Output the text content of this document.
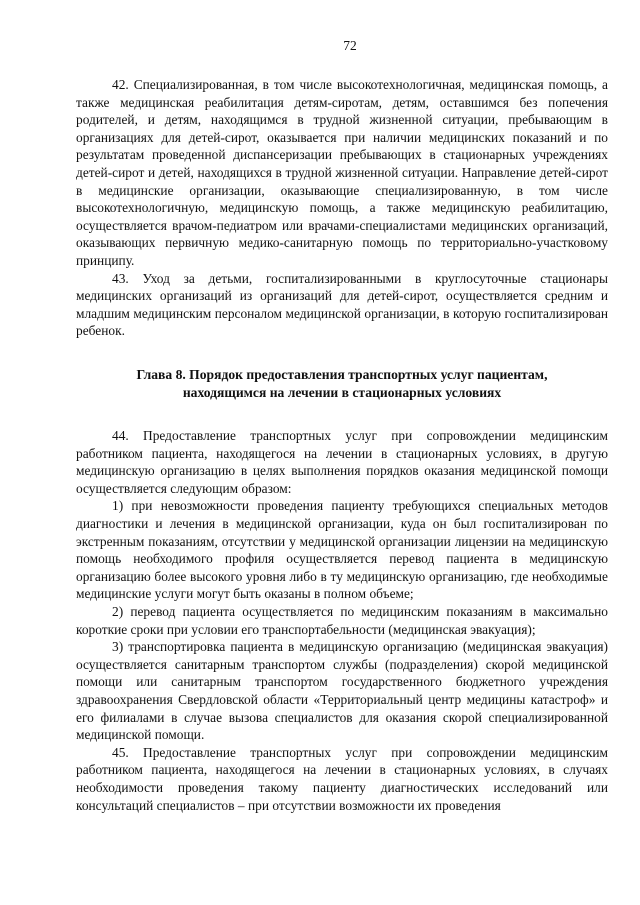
72

42. Специализированная, в том числе высокотехнологичная, медицинская помощь, а также медицинская реабилитация детям-сиротам, детям, оставшимся без попечения родителей, и детям, находящимся в трудной жизненной ситуации, пребывающим в организациях для детей-сирот, оказывается при наличии медицинских показаний и по результатам проведенной диспансеризации пребывающих в стационарных учреждениях детей-сирот и детей, находящихся в трудной жизненной ситуации. Направление детей-сирот в медицинские организации, оказывающие специализированную, в том числе высокотехнологичную, медицинскую помощь, а также медицинскую реабилитацию, осуществляется врачом-педиатром или врачами-специалистами медицинских организаций, оказывающих первичную медико-санитарную помощь по территориально-участковому принципу.

43. Уход за детьми, госпитализированными в круглосуточные стационары медицинских организаций из организаций для детей-сирот, осуществляется средним и младшим медицинским персоналом медицинской организации, в которую госпитализирован ребенок.

Глава 8. Порядок предоставления транспортных услуг пациентам,
находящимся на лечении в стационарных условиях

44. Предоставление транспортных услуг при сопровождении медицинским работником пациента, находящегося на лечении в стационарных условиях, в другую медицинскую организацию в целях выполнения порядков оказания медицинской помощи осуществляется следующим образом:

1) при невозможности проведения пациенту требующихся специальных методов диагностики и лечения в медицинской организации, куда он был госпитализирован по экстренным показаниям, отсутствии у медицинской организации лицензии на медицинскую помощь необходимого профиля осуществляется перевод пациента в медицинскую организацию более высокого уровня либо в ту медицинскую организацию, где необходимые медицинские услуги могут быть оказаны в полном объеме;

2) перевод пациента осуществляется по медицинским показаниям в максимально короткие сроки при условии его транспортабельности (медицинская эвакуация);

3) транспортировка пациента в медицинскую организацию (медицинская эвакуация) осуществляется санитарным транспортом службы (подразделения) скорой медицинской помощи или санитарным транспортом государственного бюджетного учреждения здравоохранения Свердловской области «Территориальный центр медицины катастроф» и его филиалами в случае вызова специалистов для оказания скорой специализированной медицинской помощи.

45. Предоставление транспортных услуг при сопровождении медицинским работником пациента, находящегося на лечении в стационарных условиях, в случаях необходимости проведения такому пациенту диагностических исследований или консультаций специалистов – при отсутствии возможности их проведения
